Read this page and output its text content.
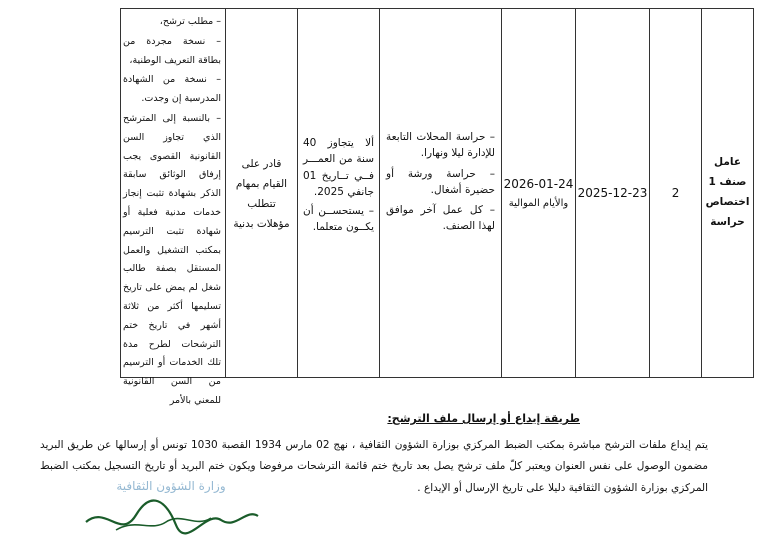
عامل صنف 1 اختصاص حراسة
2
2025-12-23
2026-01-24
والأيام الموالية

– حراسة المحلات التابعة للإدارة ليلا ونهارا.

– حراسة ورشة أو حضيرة أشغال.

– كل عمل آخر موافق لهذا الصنف.

ألا يتجاوز 40 سنة من العمـــر فــي تــاريخ 01 جانفي 2025.

– يستحســن أن يكــون متعلما.

قادر على القيام بمهام تتطلب مؤهلات بدنية

– مطلب ترشح،

– نسخة مجردة من بطاقة التعريف الوطنية،

– نسخة من الشهادة المدرسية إن وجدت.

– بالنسبة إلى المترشح الذي تجاوز السن القانونية القصوى يجب إرفاق الوثائق سابقة الذكر بشهادة تثبت إنجاز خدمات مدنية فعلية أو شهادة تثبت الترسيم بمكتب التشغيل والعمل المستقل بصفة طالب شغل لم يمض على تاريخ تسليمها أكثر من ثلاثة أشهر في تاريخ ختم الترشحات لطرح مدة تلك الخدمات أو الترسيم من السن القانونية للمعني بالأمر

طريقة إيداع أو إرسال ملف الترشح:
يتم إيداع ملفات الترشح مباشرة بمكتب الضبط المركزي بوزارة الشؤون الثقافية ، نهج 02 مارس 1934 القصبة 1030 تونس أو إرسالها عن طريق البريد مضمون الوصول على نفس العنوان ويعتبر كلّ ملف ترشح يصل بعد تاريخ ختم قائمة الترشحات مرفوضا ويكون ختم البريد أو تاريخ التسجيل بمكتب الضبط المركزي بوزارة الشؤون الثقافية دليلا على تاريخ الإرسال أو الإيداع .
وزارة الشؤون الثقافية
